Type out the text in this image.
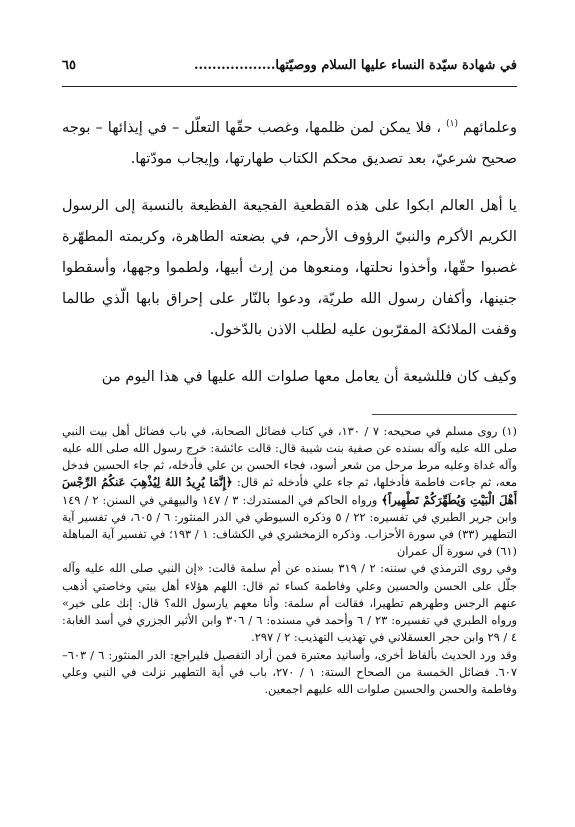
في شهادة سيّدة النساء عليها السلام ووصيّتها..................
٦٥

وعلمائهم $^{(١)}$ ، فلا يمكن لمن ظلمها، وغصب حقّها التعلّل – في إيذائها – بوجه صحيح شرعيّ، بعد تصديق محكم الكتاب طهارتها، وإيجاب مودّتها.

يا أهل العالم ابكوا على هذه القطعية الفجيعة الفظيعة بالنسبة إلى الرسول الكريم الأكرم والنبيّ الرؤوف الأرحم، في بضعته الطاهرة، وكريمته المطهّرة غصبوا حقّها، وأخذوا نحلتها، ومنعوها من إرث أبيها، ولطموا وجهها، وأسقطوا جنينها، وأكفان رسول الله طريّة، ودعوا بالنّار على إحراق بابها الّذي طالما وقفت الملائكة المقرّبون عليه لطلب الاذن بالدّخول.

وكيف كان فللشيعة أن يعامل معها صلوات الله عليها في هذا اليوم من

(١) روى مسلم في صحيحه: ٧ / ١٣٠، في كتاب فضائل الصحابة، في باب فضائل أهل بيت النبي صلى الله عليه وآله بسنده عن صفية بنت شيبة قال: قالت عائشة: خرج رسول الله صلى الله عليه وآله غداة وعليه مرط مرحل من شعر أسود، فجاء الحسن بن علي فأدخله، ثم جاء الحسين فدخل معه، ثم جاءت فاطمة فأدخلها، ثم جاء علي فأدخله ثم قال: ﴿إِنَّمَا يُرِيدُ اللهُ لِيُذْهِبَ عَنكُمُ الرِّجْسَ أَهْلَ الْبَيْتِ وَيُطَهِّرَكُمْ تَطْهِيراً﴾ ورواه الحاكم في المستدرك: ٣ / ١٤٧ والبيهقي في السنن: ٢ / ١٤٩ وابن جرير الطبري في تفسيره: ٢٢ / ٥ وذكره السيوطي في الدر المنثور: ٦ / ٦٠٥، في تفسير آية التطهير (٣٣) في سورة الأحزاب. وذكره الزمخشري في الكشاف: ١ / ١٩٣؛ في تفسير آية المباهلة (٦١) في سورة آل عمران

وفي روى الترمذي في سننه: ٢ / ٣١٩ بسنده عن أم سلمة قالت: «إن النبي صلى الله عليه وآله جلّل على الحسن والحسين وعلي وفاطمة كساء ثم قال: اللهم هؤلاء أهل بيتي وخاصتي أذهب عنهم الرجس وطهرهم تطهيرا، فقالت أم سلمة: وأنا معهم يارسول الله؟ قال: إنك على خير» ورواه الطبري في تفسيره: ٢٣ / ٦ وأحمد في مسنده: ٦ / ٣٠٦ وابن الأثير الجزري في أسد الغابة: ٤ / ٢٩ وابن حجر العسقلاني في تهذيب التهذيب: ٢ / ٢٩٧.

وقد ورد الحديث بألفاظ أخرى، وأسانيد معتبرة فمن أراد التفصيل فليراجع: الدر المنثور: ٦ / ٦٠٣–٦٠٧. فضائل الخمسة من الصحاح الستة: ١ / ٢٧٠، باب في أية التطهير نزلت في النبي وعلي وفاطمة والحسن والحسين صلوات الله عليهم اجمعين.
